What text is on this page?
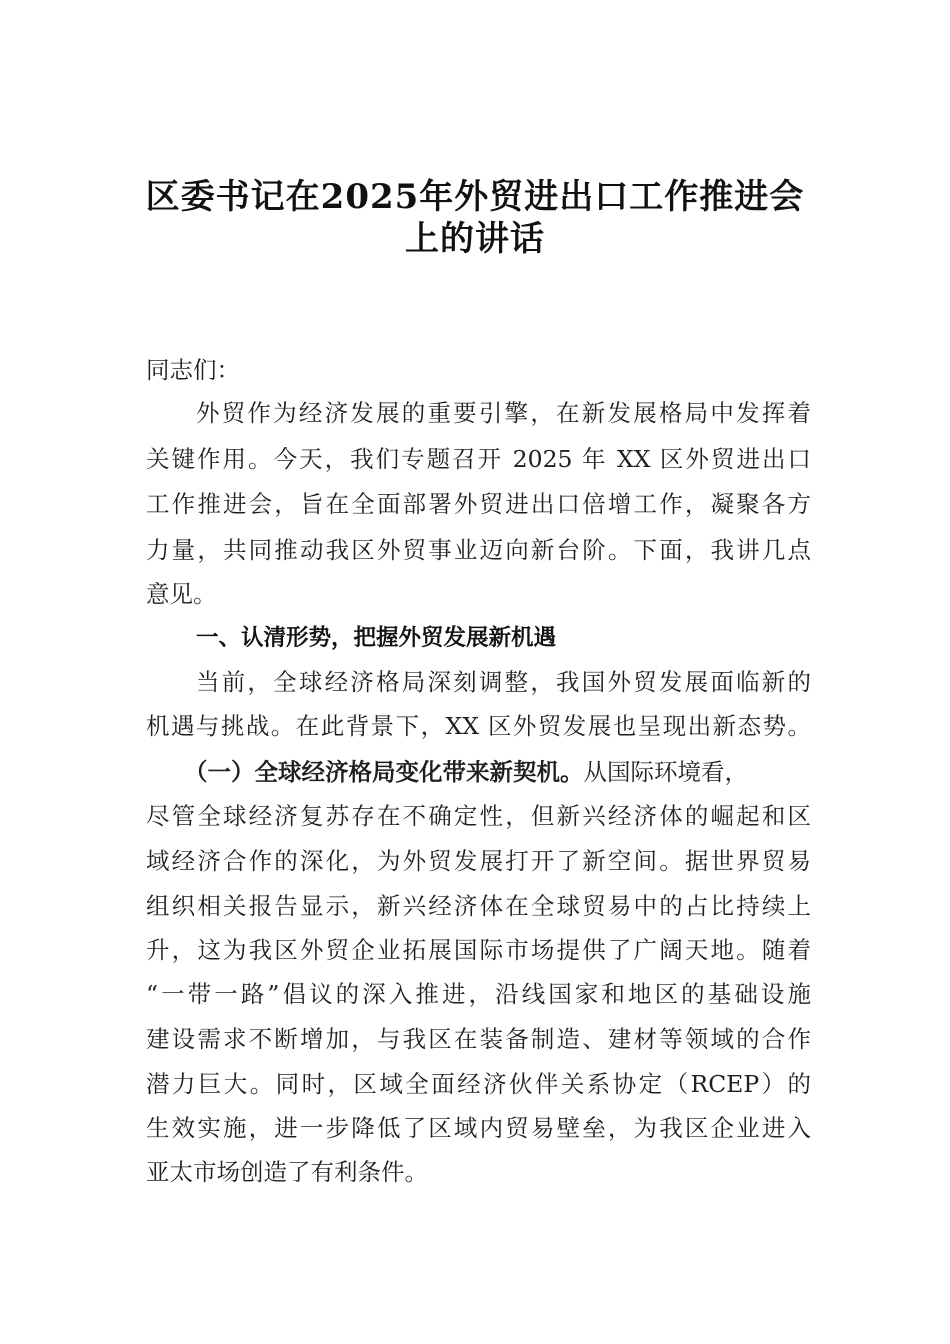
区委书记在2025年外贸进出口工作推进会
上的讲话
同志们：
外贸作为经济发展的重要引擎，在新发展格局中发挥着
关键作用。今天，我们专题召开 2025 年 XX 区外贸进出口
工作推进会，旨在全面部署外贸进出口倍增工作，凝聚各方
力量，共同推动我区外贸事业迈向新台阶。下面，我讲几点
意见。
一、认清形势，把握外贸发展新机遇
当前，全球经济格局深刻调整，我国外贸发展面临新的
机遇与挑战。在此背景下，XX 区外贸发展也呈现出新态势。
（一）全球经济格局变化带来新契机。从国际环境看，
尽管全球经济复苏存在不确定性，但新兴经济体的崛起和区
域经济合作的深化，为外贸发展打开了新空间。据世界贸易
组织相关报告显示，新兴经济体在全球贸易中的占比持续上
升，这为我区外贸企业拓展国际市场提供了广阔天地。随着
“一带一路”倡议的深入推进，沿线国家和地区的基础设施
建设需求不断增加，与我区在装备制造、建材等领域的合作
潜力巨大。同时，区域全面经济伙伴关系协定（RCEP）的
生效实施，进一步降低了区域内贸易壁垒，为我区企业进入
亚太市场创造了有利条件。
